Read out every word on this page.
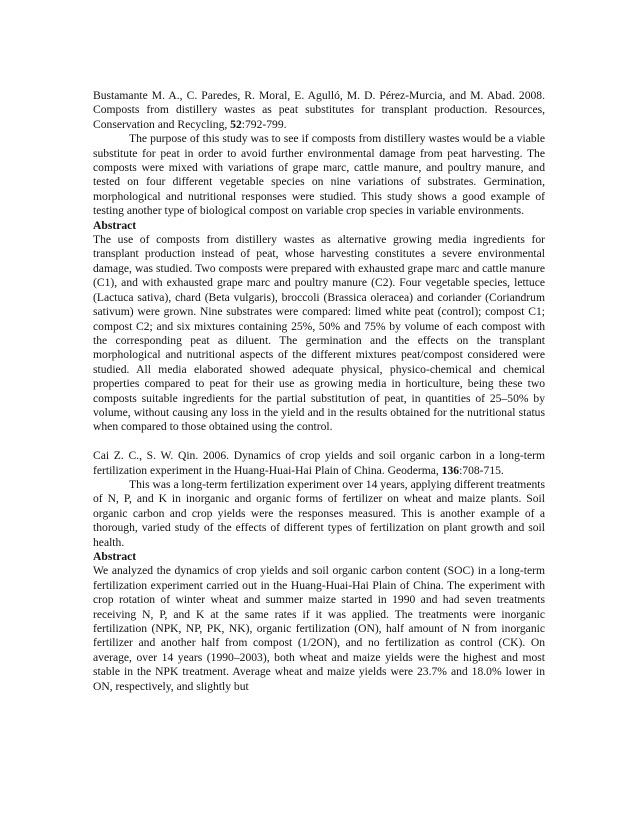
Bustamante M. A., C. Paredes, R. Moral, E. Agulló, M. D. Pérez-Murcia, and M. Abad. 2008. Composts from distillery wastes as peat substitutes for transplant production. Resources, Conservation and Recycling, 52:792-799.

The purpose of this study was to see if composts from distillery wastes would be a viable substitute for peat in order to avoid further environmental damage from peat harvesting. The composts were mixed with variations of grape marc, cattle manure, and poultry manure, and tested on four different vegetable species on nine variations of substrates. Germination, morphological and nutritional responses were studied. This study shows a good example of testing another type of biological compost on variable crop species in variable environments.

Abstract

The use of composts from distillery wastes as alternative growing media ingredients for transplant production instead of peat, whose harvesting constitutes a severe environmental damage, was studied. Two composts were prepared with exhausted grape marc and cattle manure (C1), and with exhausted grape marc and poultry manure (C2). Four vegetable species, lettuce (Lactuca sativa), chard (Beta vulgaris), broccoli (Brassica oleracea) and coriander (Coriandrum sativum) were grown. Nine substrates were compared: limed white peat (control); compost C1; compost C2; and six mixtures containing 25%, 50% and 75% by volume of each compost with the corresponding peat as diluent. The germination and the effects on the transplant morphological and nutritional aspects of the different mixtures peat/compost considered were studied. All media elaborated showed adequate physical, physico-chemical and chemical properties compared to peat for their use as growing media in horticulture, being these two composts suitable ingredients for the partial substitution of peat, in quantities of 25–50% by volume, without causing any loss in the yield and in the results obtained for the nutritional status when compared to those obtained using the control.

Cai Z. C., S. W. Qin. 2006. Dynamics of crop yields and soil organic carbon in a long-term fertilization experiment in the Huang-Huai-Hai Plain of China. Geoderma, 136:708-715.

This was a long-term fertilization experiment over 14 years, applying different treatments of N, P, and K in inorganic and organic forms of fertilizer on wheat and maize plants. Soil organic carbon and crop yields were the responses measured. This is another example of a thorough, varied study of the effects of different types of fertilization on plant growth and soil health.

Abstract

We analyzed the dynamics of crop yields and soil organic carbon content (SOC) in a long-term fertilization experiment carried out in the Huang-Huai-Hai Plain of China. The experiment with crop rotation of winter wheat and summer maize started in 1990 and had seven treatments receiving N, P, and K at the same rates if it was applied. The treatments were inorganic fertilization (NPK, NP, PK, NK), organic fertilization (ON), half amount of N from inorganic fertilizer and another half from compost (1/2ON), and no fertilization as control (CK). On average, over 14 years (1990–2003), both wheat and maize yields were the highest and most stable in the NPK treatment. Average wheat and maize yields were 23.7% and 18.0% lower in ON, respectively, and slightly but
